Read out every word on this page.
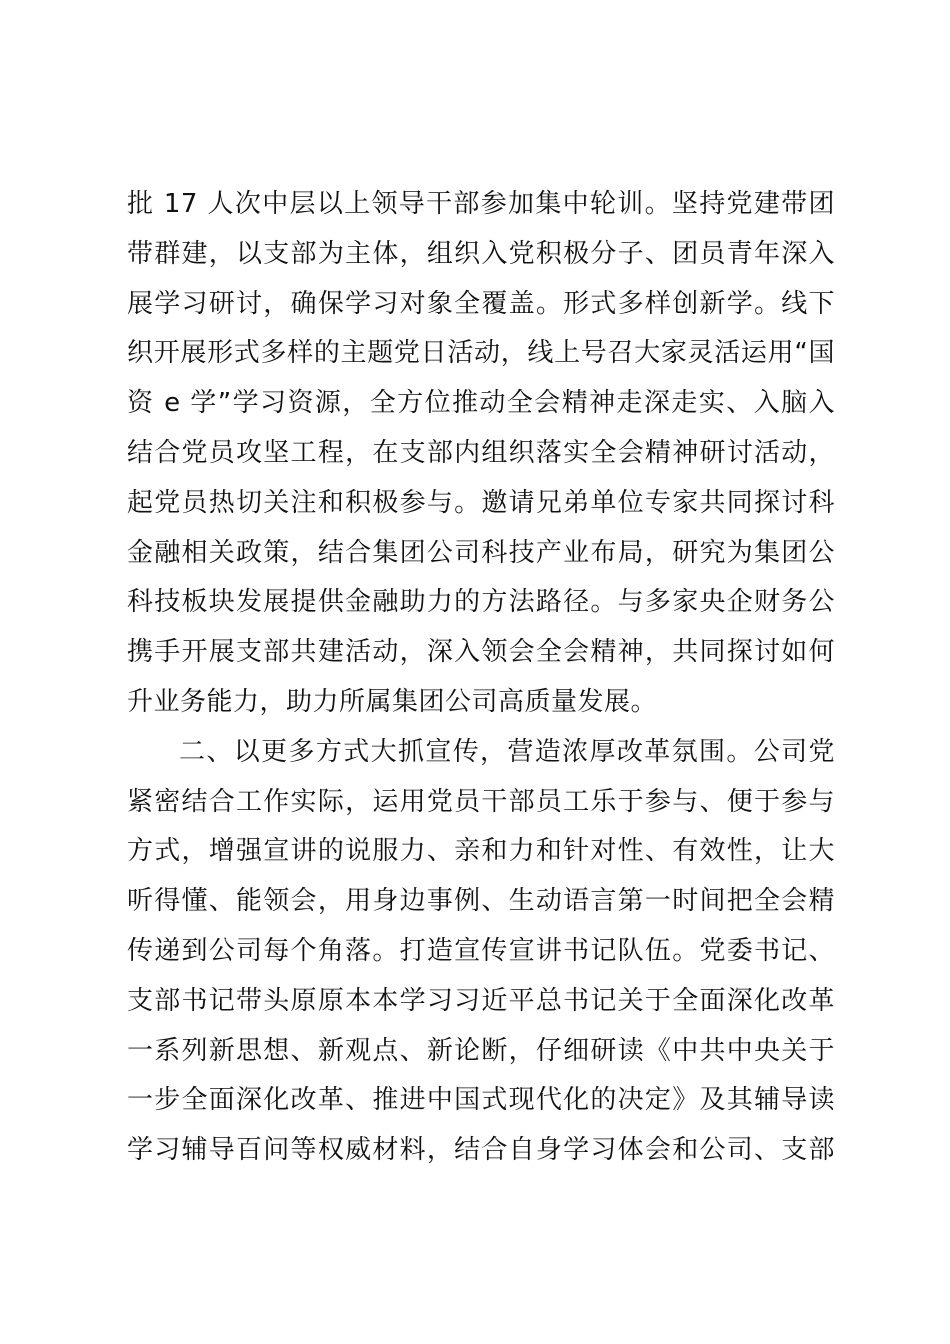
批 17 人次中层以上领导干部参加集中轮训。坚持党建带团
带群建，以支部为主体，组织入党积极分子、团员青年深入
展学习研讨，确保学习对象全覆盖。形式多样创新学。线下
织开展形式多样的主题党日活动，线上号召大家灵活运用“国
资 e 学”学习资源，全方位推动全会精神走深走实、入脑入
结合党员攻坚工程，在支部内组织落实全会精神研讨活动，
起党员热切关注和积极参与。邀请兄弟单位专家共同探讨科
金融相关政策，结合集团公司科技产业布局，研究为集团公
科技板块发展提供金融助力的方法路径。与多家央企财务公
携手开展支部共建活动，深入领会全会精神，共同探讨如何
升业务能力，助力所属集团公司高质量发展。
二、以更多方式大抓宣传，营造浓厚改革氛围。公司党
紧密结合工作实际，运用党员干部员工乐于参与、便于参与
方式，增强宣讲的说服力、亲和力和针对性、有效性，让大
听得懂、能领会，用身边事例、生动语言第一时间把全会精
传递到公司每个角落。打造宣传宣讲书记队伍。党委书记、
支部书记带头原原本本学习习近平总书记关于全面深化改革
一系列新思想、新观点、新论断，仔细研读《中共中央关于
一步全面深化改革、推进中国式现代化的决定》及其辅导读
学习辅导百问等权威材料，结合自身学习体会和公司、支部
